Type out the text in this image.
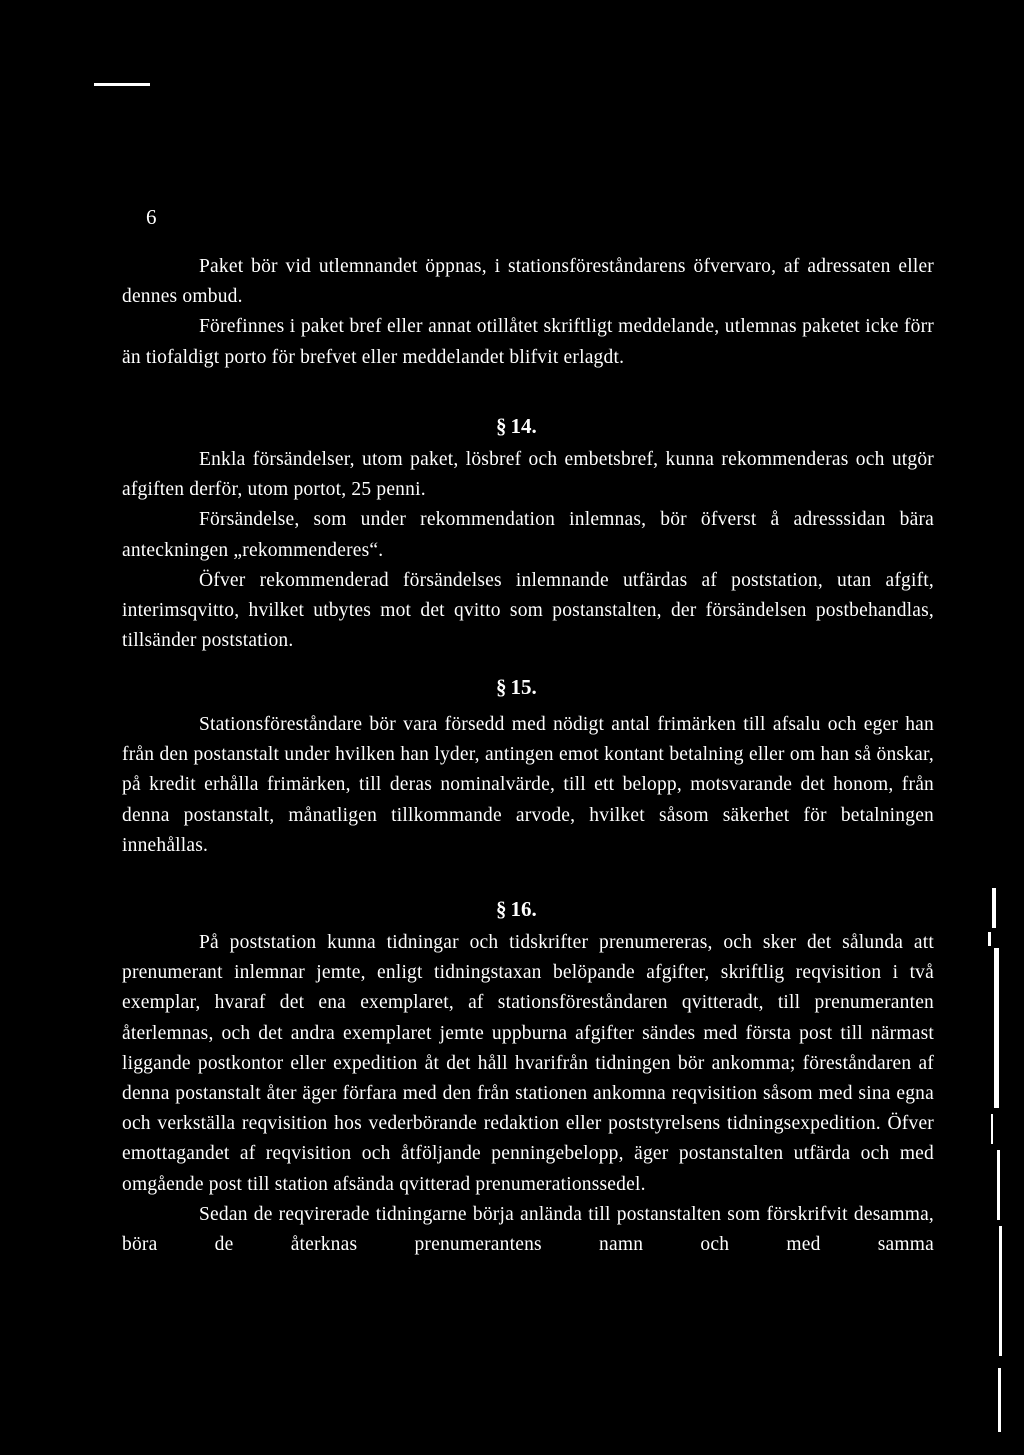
6

Paket bör vid utlemnandet öppnas, i stationsföreståndarens öfvervaro, af adressaten eller dennes ombud.

Förefinnes i paket bref eller annat otillåtet skriftligt meddelande, utlemnas paketet icke förr än tiofaldigt porto för brefvet eller meddelandet blifvit erlagdt.

§ 14.

Enkla försändelser, utom paket, lösbref och embetsbref, kunna rekommenderas och utgör afgiften derför, utom portot, 25 penni.

Försändelse, som under rekommendation inlemnas, bör öfverst å adresssidan bära anteckningen „rekommenderes“.

Öfver rekommenderad försändelses inlemnande utfärdas af poststation, utan afgift, interimsqvitto, hvilket utbytes mot det qvitto som postanstalten, der försändelsen postbehandlas, tillsänder poststation.

§ 15.

Stationsföreståndare bör vara försedd med nödigt antal frimärken till afsalu och eger han från den postanstalt under hvilken han lyder, antingen emot kontant betalning eller om han så önskar, på kredit erhålla frimärken, till deras nominalvärde, till ett belopp, motsvarande det honom, från denna postanstalt, månatligen tillkommande arvode, hvilket såsom säkerhet för betalningen innehållas.

§ 16.

På poststation kunna tidningar och tidskrifter prenumereras, och sker det sålunda att prenumerant inlemnar jemte, enligt tidningstaxan belöpande afgifter, skriftlig reqvisition i två exemplar, hvaraf det ena exemplaret, af stationsföreståndaren qvitteradt, till prenumeranten återlemnas, och det andra exemplaret jemte uppburna afgifter sändes med första post till närmast liggande postkontor eller expedition åt det håll hvarifrån tidningen bör ankomma; föreståndaren af denna postanstalt åter äger förfara med den från stationen ankomna reqvisition såsom med sina egna och verkställa reqvisition hos vederbörande redaktion eller poststyrelsens tidningsexpedition. Öfver emottagandet af reqvisition och åtföljande penningebelopp, äger postanstalten utfärda och med omgående post till station afsända qvitterad prenumerationssedel.

Sedan de reqvirerade tidningarne börja anlända till postanstalten som förskrifvit desamma, böra de återknas prenumerantens namn och med samma
